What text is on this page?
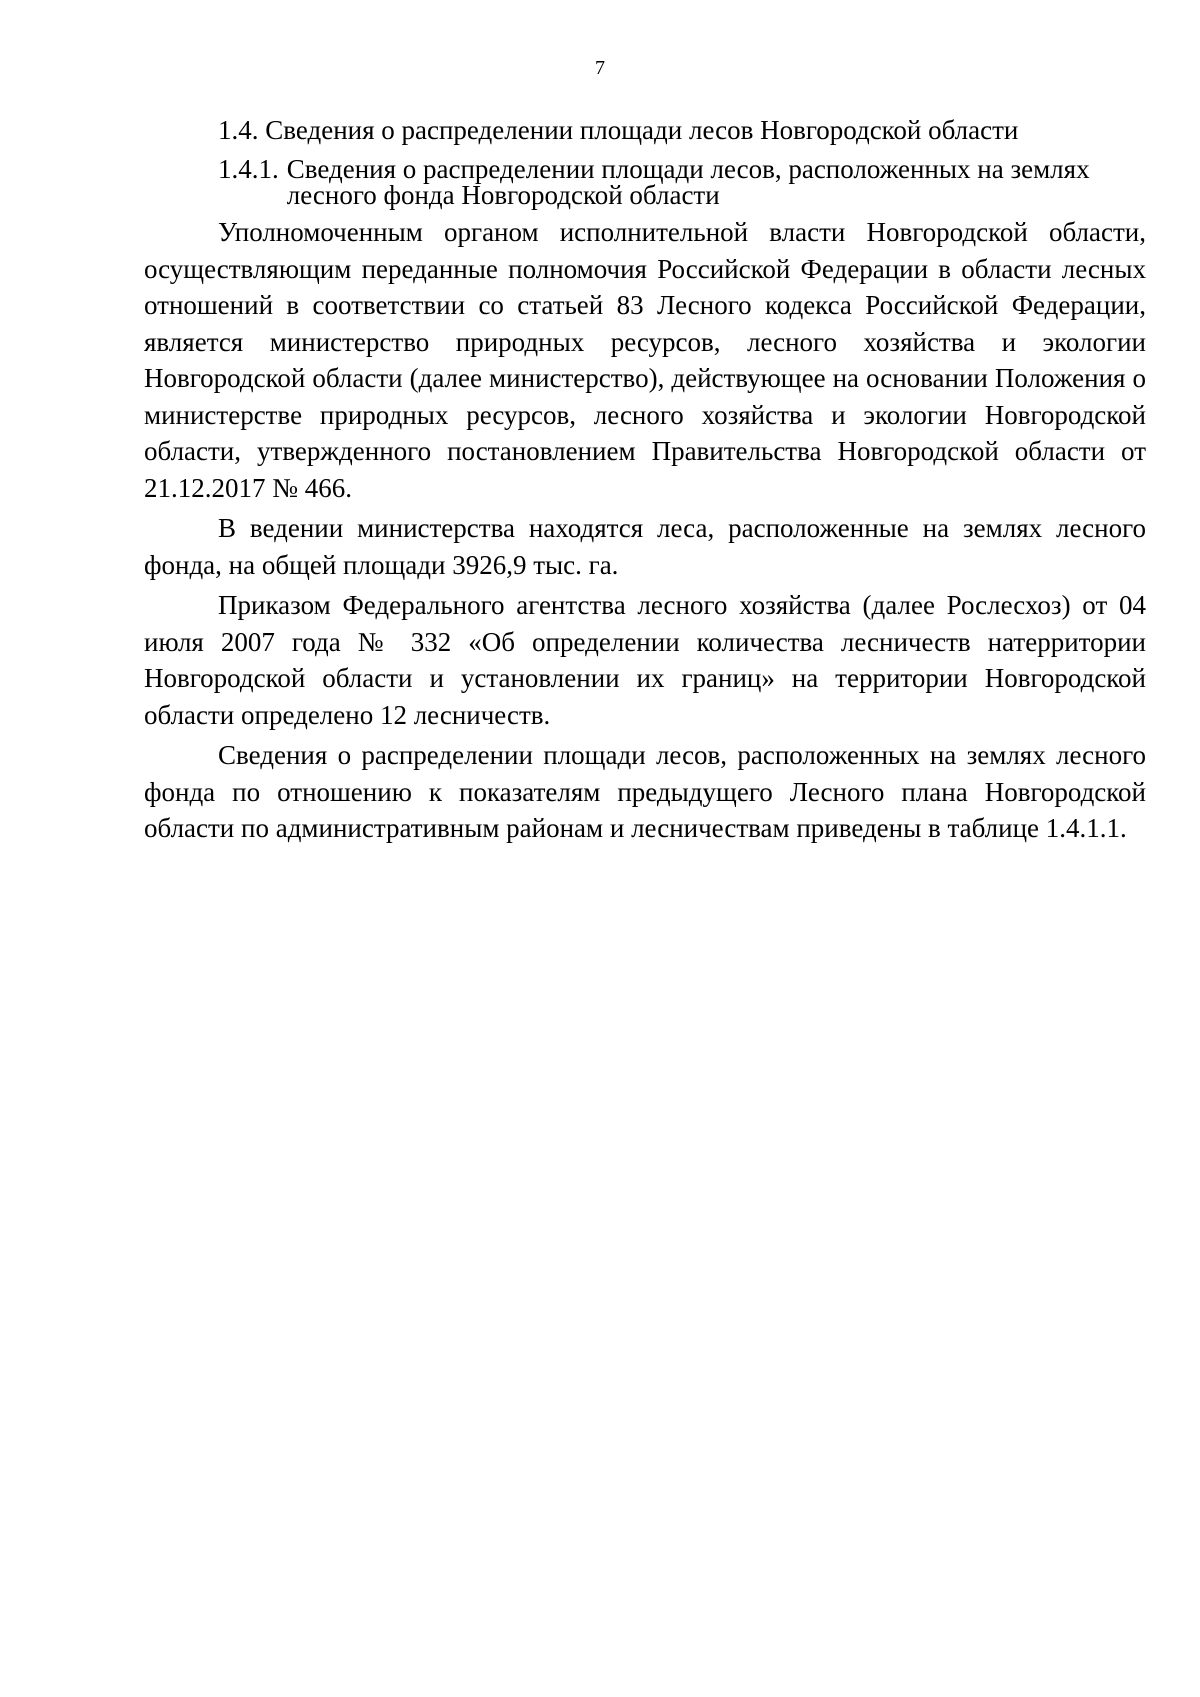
7
1.4. Сведения о распределении площади лесов Новгородской области
1.4.1. Сведения о распределении площади лесов, расположенных на землях лесного фонда Новгородской области

Уполномоченным органом исполнительной власти Новгородской области, осуществляющим переданные полномочия Российской Федерации в области лесных отношений в соответствии со статьей 83 Лесного кодекса Российской Федерации, является министерство природных ресурсов, лесного хозяйства и экологии Новгородской области (далее министерство), действующее на основании Положения о министерстве природных ресурсов, лесного хозяйства и экологии Новгородской области, утвержденного постановлением Правительства Новгородской области от 21.12.2017 № 466.

В ведении министерства находятся леса, расположенные на землях лесного фонда, на общей площади 3926,9 тыс. га.

Приказом Федерального агентства лесного хозяйства (далее Рослесхоз) от 04 июля 2007 года № 332 «Об определении количества лесничеств натерритории Новгородской области и установлении их границ» на территории Новгородской области определено 12 лесничеств.

Сведения о распределении площади лесов, расположенных на землях лесного фонда по отношению к показателям предыдущего Лесного плана Новгородской области по административным районам и лесничествам приведены в таблице 1.4.1.1.
